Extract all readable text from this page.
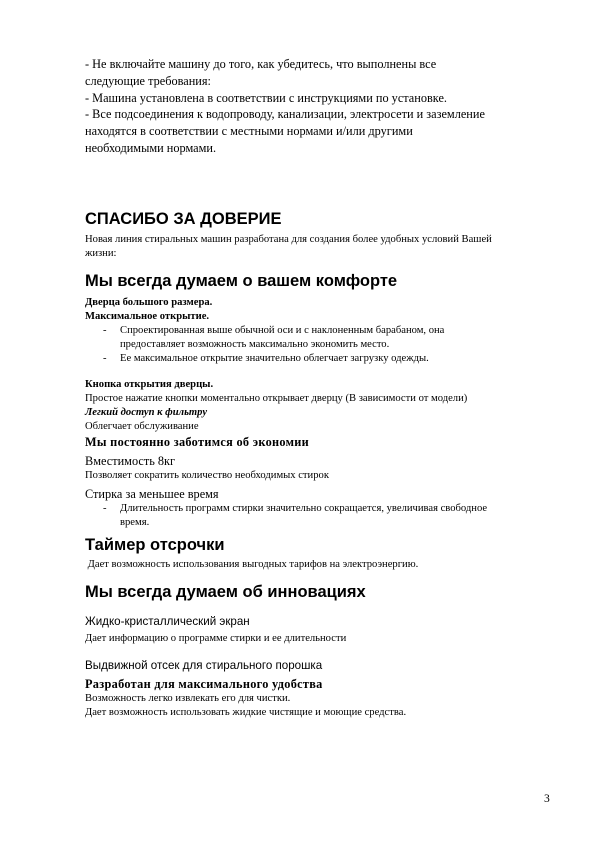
- Не включайте машину до того, как убедитесь, что выполнены все

следующие требования:

- Машина установлена в соответствии с инструкциями по установке.

- Все подсоединения к водопроводу, канализации, электросети и заземление

находятся в соответствии с местными нормами и/или другими

необходимыми нормами.

СПАСИБО ЗА ДОВЕРИЕ

Новая линия стиральных машин разработана для создания более удобных условий Вашей

жизни:

Мы всегда думаем о вашем комфорте

Дверца большого размера.

Максимальное открытие.

- Спроектированная выше обычной оси и с наклоненным барабаном, она

предоставляет возможность максимально экономить место.

- Ее максимальное открытие значительно облегчает загрузку одежды.

Кнопка открытия дверцы.

Простое нажатие кнопки моментально открывает дверцу (В зависимости от модели)

Легкий доступ к фильтру

Облегчает обслуживание

Мы постоянно заботимся об экономии

Вместимость 8кг

Позволяет сократить количество необходимых стирок

Стирка за меньшее время

- Длительность программ стирки значительно сокращается, увеличивая свободное

время.

Таймер отсрочки
Дает возможность использования выгодных тарифов на электроэнергию.
Мы всегда думаем об инновациях

Жидко-кристаллический экран

Дает информацию о программе стирки и ее длительности

Выдвижной отсек для стирального порошка

Разработан для максимального удобства

Возможность легко извлекать его для чистки.

Дает возможность использовать жидкие чистящие и моющие средства.

3
